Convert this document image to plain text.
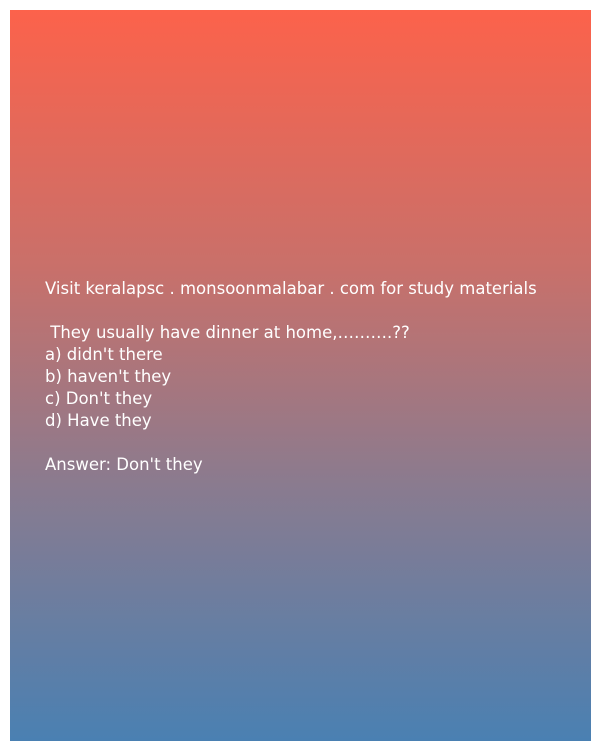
Visit keralapsc . monsoonmalabar . com for study materials
They usually have dinner at home,……….??
a) didn't there
b) haven't they
c) Don't they
d) Have they
Answer: Don't they
